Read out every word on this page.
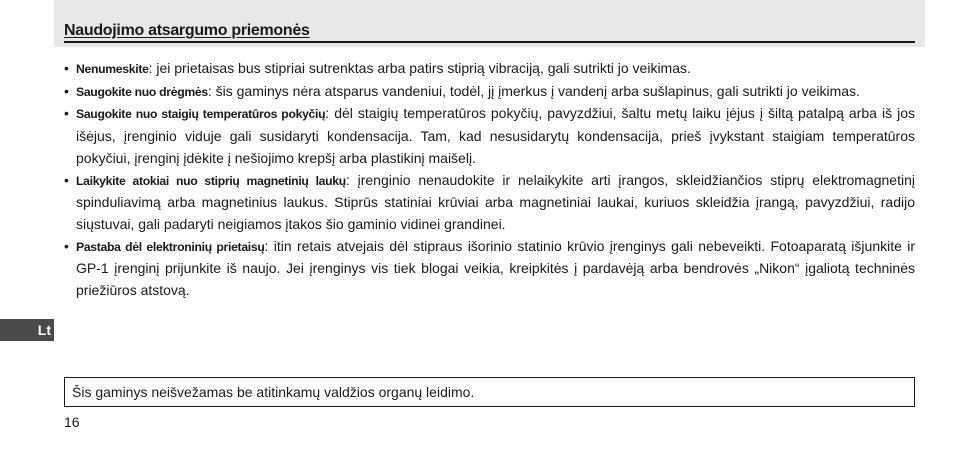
Naudojimo atsargumo priemonės
• Nenumeskite: jei prietaisas bus stipriai sutrenktas arba patirs stiprią vibraciją, gali sutrikti jo veikimas.
• Saugokite nuo drėgmės: šis gaminys nėra atsparus vandeniui, todėl, jį įmerkus į vandenį arba sušlapinus, gali sutrikti jo veikimas.
• Saugokite nuo staigių temperatūros pokyčių: dėl staigių temperatūros pokyčių, pavyzdžiui, šaltu metų laiku įėjus į šiltą patalpą arba iš jos išėjus, įrenginio viduje gali susidaryti kondensacija. Tam, kad nesusidarytų kondensacija, prieš įvykstant staigiam temperatūros pokyčiui, įrenginį įdėkite į nešiojimo krepšį arba plastikinį maišelį.
• Laikykite atokiai nuo stiprių magnetinių laukų: įrenginio nenaudokite ir nelaikykite arti įrangos, skleidžiančios stiprų elektromagnetinį spinduliavimą arba magnetinius laukus. Stiprūs statiniai krūviai arba magnetiniai laukai, kuriuos skleidžia įrangą, pavyzdžiui, radijo siųstuvai, gali padaryti neigiamos įtakos šio gaminio vidinei grandinei.
• Pastaba dėl elektroninių prietaisų: itin retais atvejais dėl stipraus išorinio statinio krūvio įrenginys gali nebeveikti. Fotoaparatą išjunkite ir GP-1 įrenginį prijunkite iš naujo. Jei įrenginys vis tiek blogai veikia, kreipkitės į pardavėją arba bendrovės „Nikon“ įgaliotą techninės priežiūros atstovą.
Lt
Šis gaminys neišvežamas be atitinkamų valdžios organų leidimo.
16
